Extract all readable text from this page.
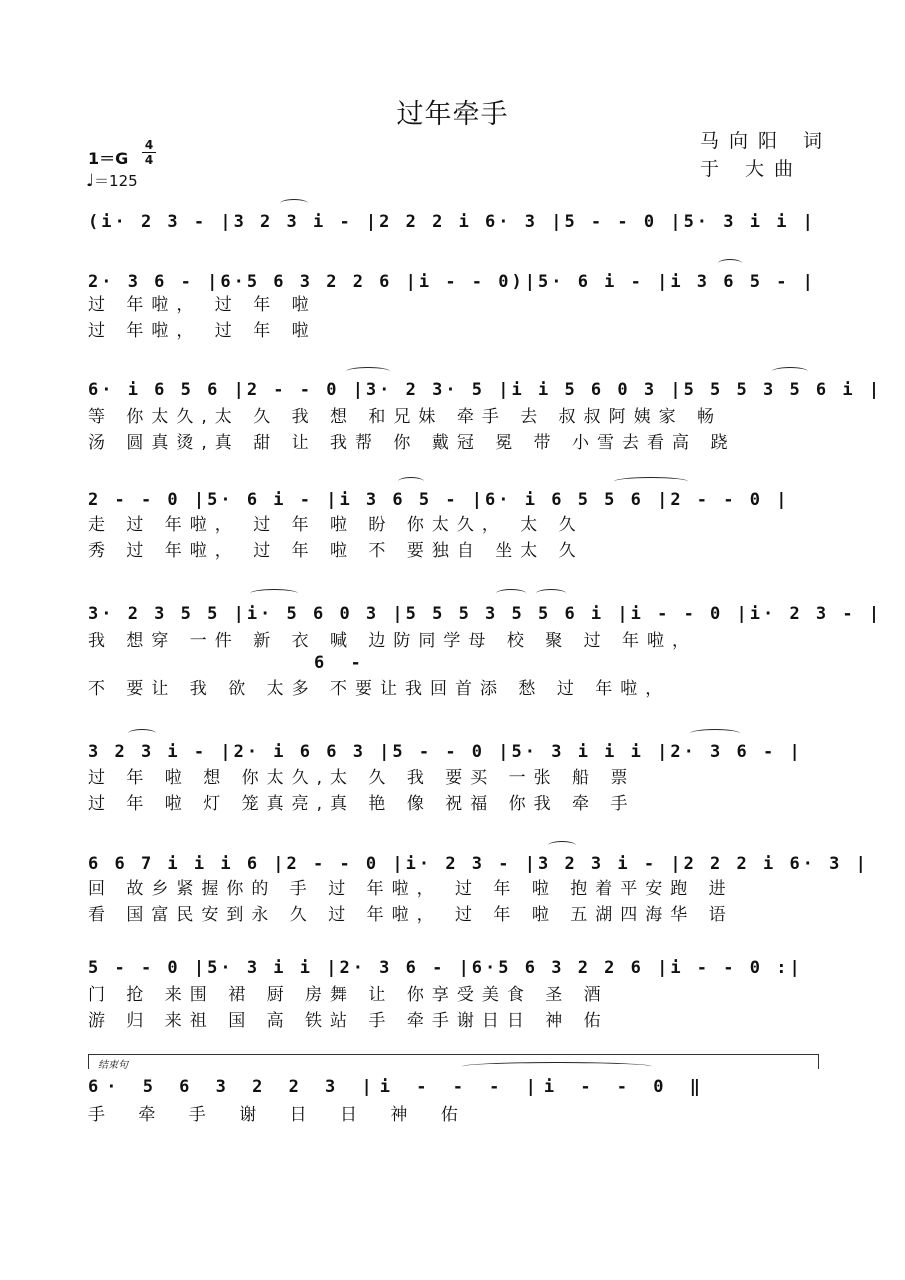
过年牵手
马向阳 词
于 大曲
1＝G
4
4
♩＝125
(i· 2 3 - |3 2 3 i - |2 2 2 i 6· 3 |5 - - 0 |5· 3 i i |
2· 3 6 - |6·5 6 3 2 2 6 |i - - 0)|5· 6 i - |i 3 6 5 - |
过 年啦， 过 年 啦
过 年啦， 过 年 啦
6· i 6 5 6 |2 - - 0 |3· 2 3· 5 |i i 5 6 0 3 |5 5 5 3 5 6 i |
等 你太久,太 久 我 想 和兄妹 牵手 去 叔叔阿姨家 畅
汤 圆真烫,真 甜 让 我帮 你 戴冠 冕 带 小雪去看高 跷
2 - - 0 |5· 6 i - |i 3 6 5 - |6· i 6 5 5 6 |2 - - 0 |
走 过 年啦， 过 年 啦 盼 你太久， 太 久
秀 过 年啦， 过 年 啦 不 要独自 坐太 久
3· 2 3 5 5 |i· 5 6 0 3 |5 5 5 3 5 5 6 i |i - - 0 |i· 2 3 - |
我 想穿 一件 新 衣 喊 边防同学母 校 聚 过 年啦，
6 -
不 要让 我 欲 太多 不要让我回首添 愁 过 年啦，
3 2 3 i - |2· i 6 6 3 |5 - - 0 |5· 3 i i i |2· 3 6 - |
过 年 啦 想 你太久,太 久 我 要买 一张 船 票
过 年 啦 灯 笼真亮,真 艳 像 祝福 你我 牵 手
6 6 7 i i i 6 |2 - - 0 |i· 2 3 - |3 2 3 i - |2 2 2 i 6· 3 |
回 故乡紧握你的 手 过 年啦， 过 年 啦 抱着平安跑 进
看 国富民安到永 久 过 年啦， 过 年 啦 五湖四海华 语
5 - - 0 |5· 3 i i |2· 3 6 - |6·5 6 3 2 2 6 |i - - 0 :|
门 抢 来围 裙 厨 房舞 让 你享受美食 圣 酒
游 归 来祖 国 高 铁站 手 牵手谢日日 神 佑
结束句
6· 5 6 3 2 2 3 |i - - - |i - - 0 ‖
手 牵 手 谢 日 日 神 佑
